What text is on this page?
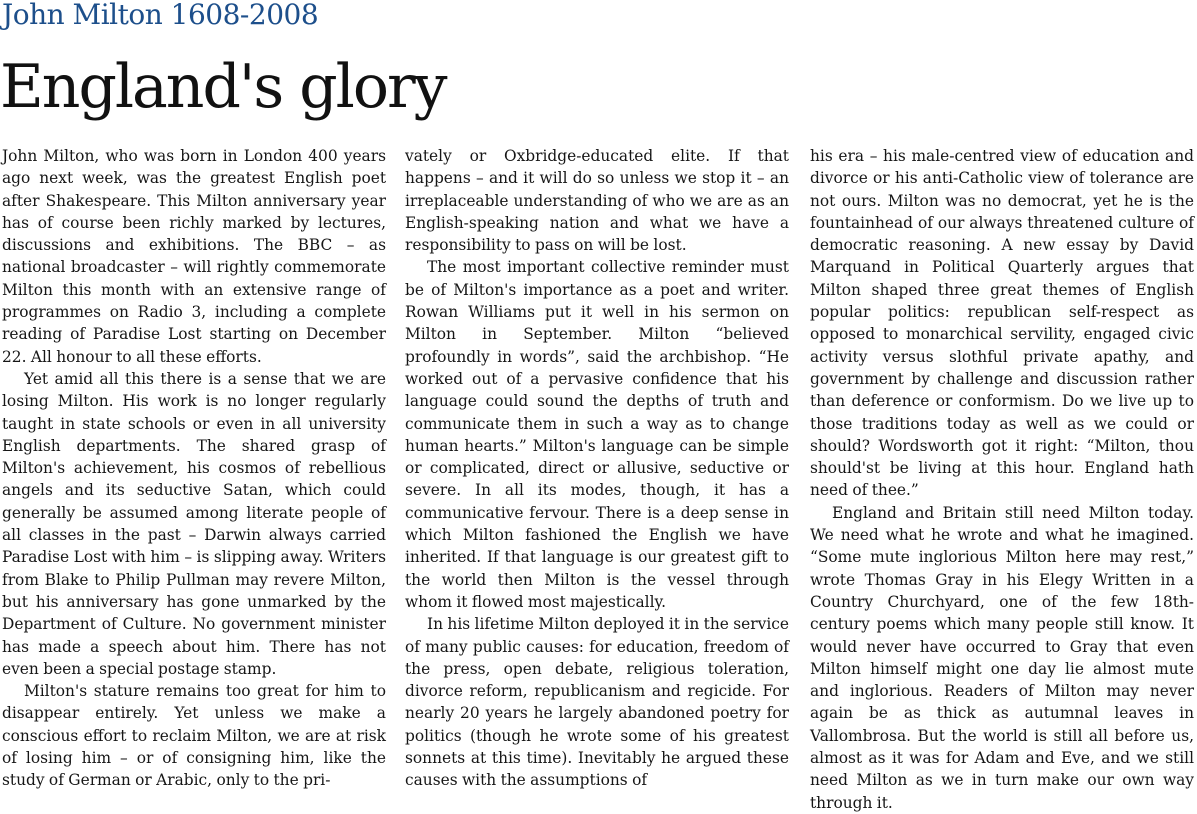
John Milton 1608-2008
England's glory

John Milton, who was born in London 400 years ago next week, was the greatest English poet after Shakespeare. This Milton anniversary year has of course been richly marked by lectures, discussions and exhibitions. The BBC – as national broadcaster – will rightly commemorate Milton this month with an extensive range of programmes on Radio 3, including a complete reading of Paradise Lost starting on December 22. All honour to all these efforts.

Yet amid all this there is a sense that we are losing Milton. His work is no longer regularly taught in state schools or even in all university English departments. The shared grasp of Milton's achievement, his cosmos of rebellious angels and its seductive Satan, which could generally be assumed among literate people of all classes in the past – Darwin always carried Paradise Lost with him – is slipping away. Writers from Blake to Philip Pullman may revere Milton, but his anniversary has gone unmarked by the Department of Culture. No government minister has made a speech about him. There has not even been a special postage stamp.

Milton's stature remains too great for him to disappear entirely. Yet unless we make a conscious effort to reclaim Milton, we are at risk of losing him – or of consigning him, like the study of German or Arabic, only to the pri-

vately or Oxbridge-educated elite. If that happens – and it will do so unless we stop it – an irreplaceable understanding of who we are as an English-speaking nation and what we have a responsibility to pass on will be lost.

The most important collective reminder must be of Milton's importance as a poet and writer. Rowan Williams put it well in his sermon on Milton in September. Milton “believed profoundly in words”, said the archbishop. “He worked out of a pervasive confidence that his language could sound the depths of truth and communicate them in such a way as to change human hearts.” Milton's language can be simple or complicated, direct or allusive, seductive or severe. In all its modes, though, it has a communicative fervour. There is a deep sense in which Milton fashioned the English we have inherited. If that language is our greatest gift to the world then Milton is the vessel through whom it flowed most majestically.

In his lifetime Milton deployed it in the service of many public causes: for education, freedom of the press, open debate, religious toleration, divorce reform, republicanism and regicide. For nearly 20 years he largely abandoned poetry for politics (though he wrote some of his greatest sonnets at this time). Inevitably he argued these causes with the assumptions of

his era – his male-centred view of education and divorce or his anti-Catholic view of tolerance are not ours. Milton was no democrat, yet he is the fountainhead of our always threatened culture of democratic reasoning. A new essay by David Marquand in Political Quarterly argues that Milton shaped three great themes of English popular politics: republican self-respect as opposed to monarchical servility, engaged civic activity versus slothful private apathy, and government by challenge and discussion rather than deference or conformism. Do we live up to those traditions today as well as we could or should? Wordsworth got it right: “Milton, thou should'st be living at this hour. England hath need of thee.”

England and Britain still need Milton today. We need what he wrote and what he imagined. “Some mute inglorious Milton here may rest,” wrote Thomas Gray in his Elegy Written in a Country Churchyard, one of the few 18th-century poems which many people still know. It would never have occurred to Gray that even Milton himself might one day lie almost mute and inglorious. Readers of Milton may never again be as thick as autumnal leaves in Vallombrosa. But the world is still all before us, almost as it was for Adam and Eve, and we still need Milton as we in turn make our own way through it.
